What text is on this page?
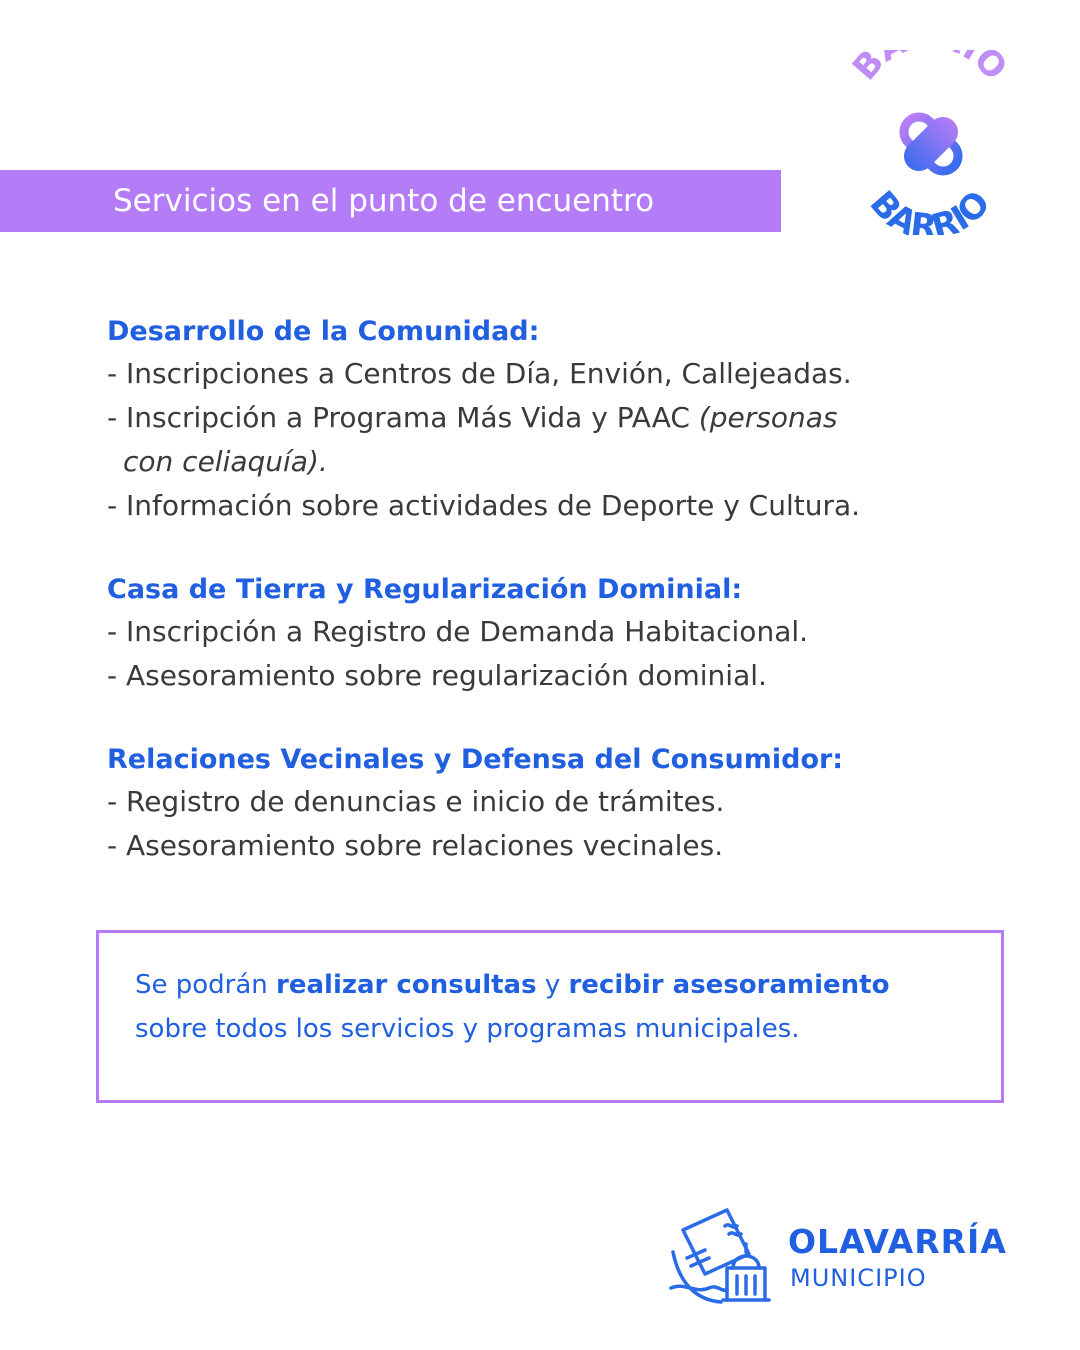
Servicios en el punto de encuentro
B O
BARRIO
Desarrollo de la Comunidad:
- Inscripciones a Centros de Día, Envión, Callejeadas.
- Inscripción a Programa Más Vida y PAAC (personas
con celiaquía).
- Información sobre actividades de Deporte y Cultura.
Casa de Tierra y Regularización Dominial:
- Inscripción a Registro de Demanda Habitacional.
- Asesoramiento sobre regularización dominial.
Relaciones Vecinales y Defensa del Consumidor:
- Registro de denuncias e inicio de trámites.
- Asesoramiento sobre relaciones vecinales.
Se podrán realizar consultas y recibir asesoramiento
sobre todos los servicios y programas municipales.
OLAVARRÍA
MUNICIPIO
